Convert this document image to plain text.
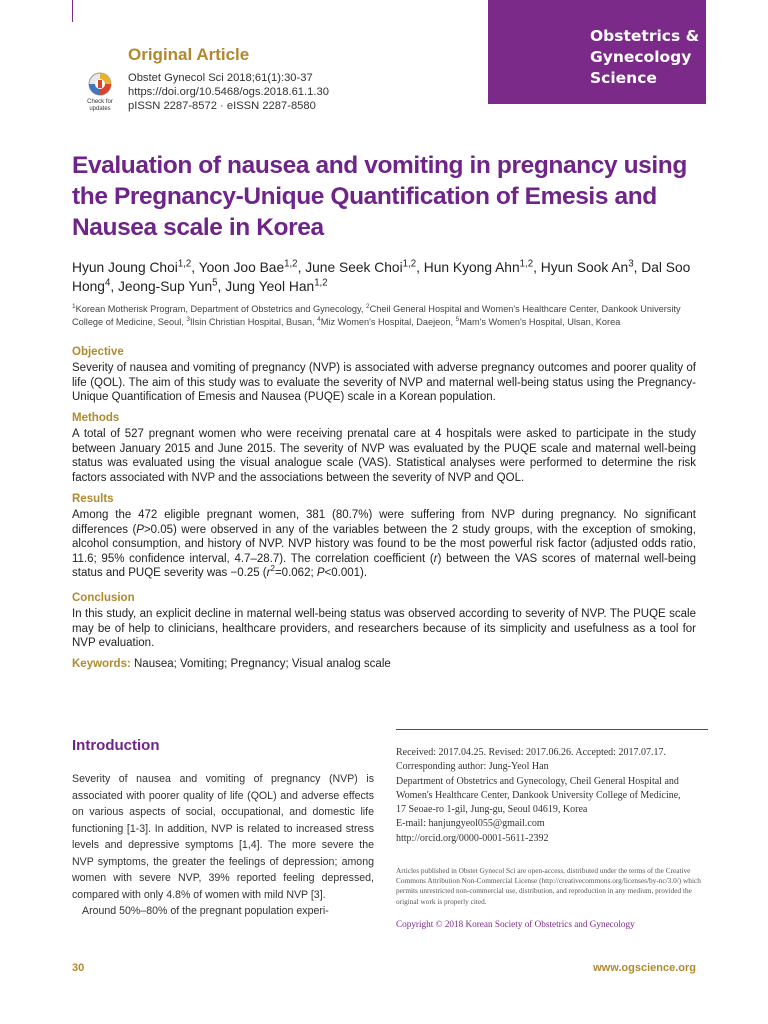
Obstetrics &
Gynecology
Science
Original Article
Check for
updates
Obstet Gynecol Sci 2018;61(1):30-37
https://doi.org/10.5468/ogs.2018.61.1.30
pISSN 2287-8572 · eISSN 2287-8580
Evaluation of nausea and vomiting in pregnancy using the Pregnancy-Unique Quantification of Emesis and Nausea scale in Korea
Hyun Joung Choi$^{1,2}$, Yoon Joo Bae$^{1,2}$, June Seek Choi$^{1,2}$, Hun Kyong Ahn$^{1,2}$, Hyun Sook An$^3$, Dal Soo Hong$^4$, Jeong-Sup Yun$^5$, Jung Yeol Han$^{1,2}$
$^1$Korean Motherisk Program, Department of Obstetrics and Gynecology, $^2$Cheil General Hospital and Women's Healthcare Center, Dankook University College of Medicine, Seoul, $^3$Ilsin Christian Hospital, Busan, $^4$Miz Women's Hospital, Daejeon, $^5$Mam's Women's Hospital, Ulsan, Korea
Objective
Severity of nausea and vomiting of pregnancy (NVP) is associated with adverse pregnancy outcomes and poorer quality of life (QOL). The aim of this study was to evaluate the severity of NVP and maternal well-being status using the Pregnancy-Unique Quantification of Emesis and Nausea (PUQE) scale in a Korean population.
Methods
A total of 527 pregnant women who were receiving prenatal care at 4 hospitals were asked to participate in the study between January 2015 and June 2015. The severity of NVP was evaluated by the PUQE scale and maternal well-being status was evaluated using the visual analogue scale (VAS). Statistical analyses were performed to determine the risk factors associated with NVP and the associations between the severity of NVP and QOL.
Results
Among the 472 eligible pregnant women, 381 (80.7%) were suffering from NVP during pregnancy. No significant differences (P>0.05) were observed in any of the variables between the 2 study groups, with the exception of smoking, alcohol consumption, and history of NVP. NVP history was found to be the most powerful risk factor (adjusted odds ratio, 11.6; 95% confidence interval, 4.7–28.7). The correlation coefficient (r) between the VAS scores of maternal well-being status and PUQE severity was −0.25 ($r^2=0.062$; P<0.001).
Conclusion
In this study, an explicit decline in maternal well-being status was observed according to severity of NVP. The PUQE scale may be of help to clinicians, healthcare providers, and researchers because of its simplicity and usefulness as a tool for NVP evaluation.
Keywords: Nausea; Vomiting; Pregnancy; Visual analog scale
Introduction

Severity of nausea and vomiting of pregnancy (NVP) is associated with poorer quality of life (QOL) and adverse effects on various aspects of social, occupational, and domestic life functioning [1-3]. In addition, NVP is related to increased stress levels and depressive symptoms [1,4]. The more severe the NVP symptoms, the greater the feelings of depression; among women with severe NVP, 39% reported feeling depressed, compared with only 4.8% of women with mild NVP [3].

Around 50%–80% of the pregnant population experi-

Received: 2017.04.25. Revised: 2017.06.26. Accepted: 2017.07.17.
Corresponding author: Jung-Yeol Han
Department of Obstetrics and Gynecology, Cheil General Hospital and
Women's Healthcare Center, Dankook University College of Medicine,
17 Seoae-ro 1-gil, Jung-gu, Seoul 04619, Korea
E-mail: hanjungyeol055@gmail.com
http://orcid.org/0000-0001-5611-2392
Articles published in Obstet Gynecol Sci are open-access, distributed under the terms of the Creative Commons Attribution Non-Commercial License (http://creativecommons.org/licenses/by-nc/3.0/) which permits unrestricted non-commercial use, distribution, and reproduction in any medium, provided the original work is properly cited.
Copyright © 2018 Korean Society of Obstetrics and Gynecology
30	www.ogscience.org
